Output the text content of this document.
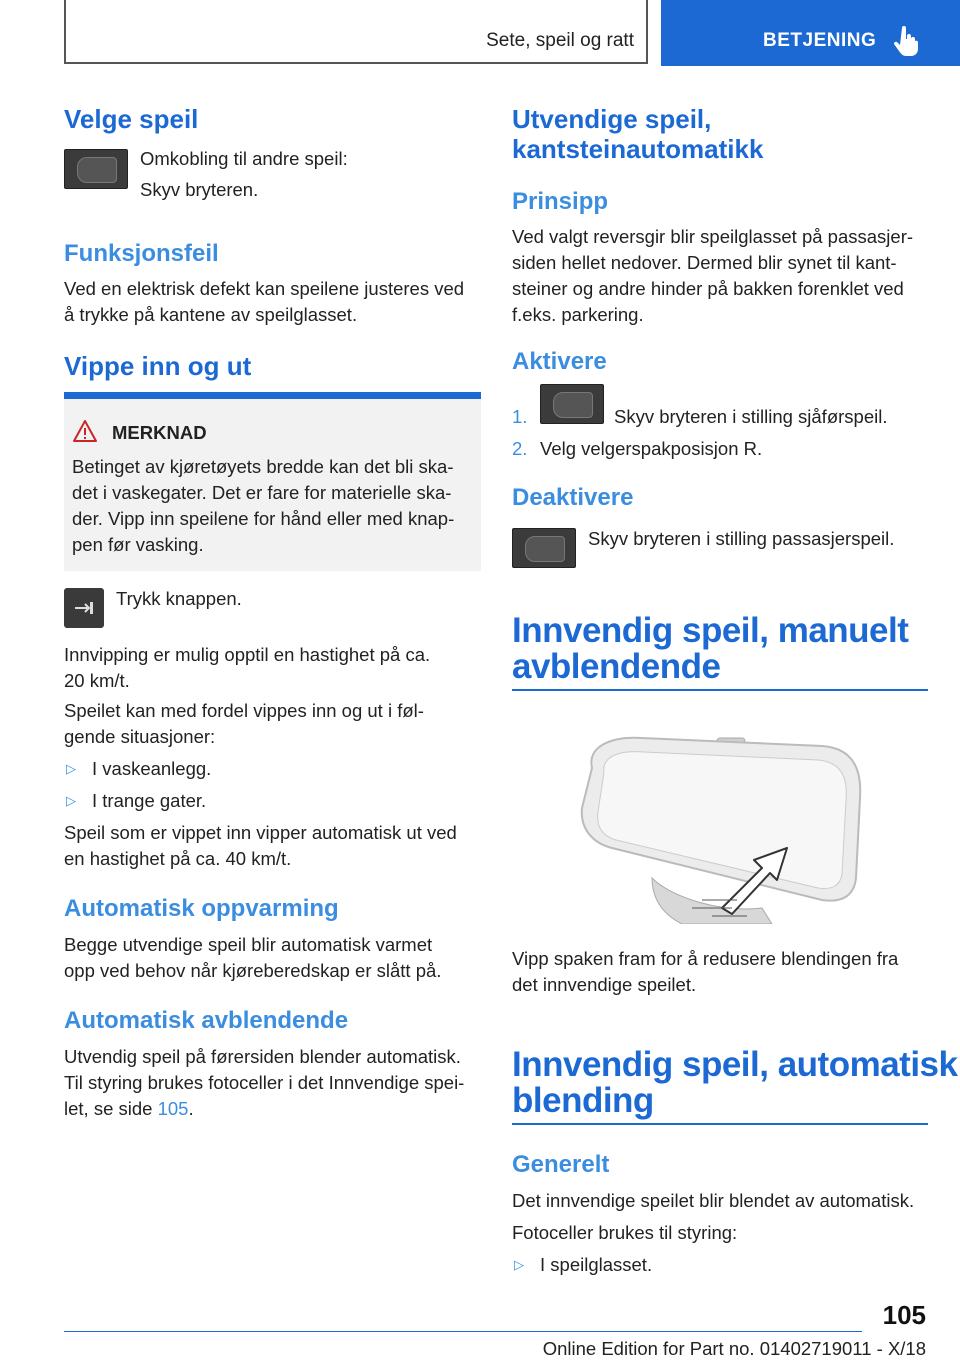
Sete, speil og ratt	BETJENING
Velge speil
Omkobling til andre speil:
Skyv bryteren.
Funksjonsfeil
Ved en elektrisk defekt kan speilene justeres ved
å trykke på kantene av speilglasset.
Vippe inn og ut
MERKNAD
Betinget av kjøretøyets bredde kan det bli ska-
det i vaskegater. Det er fare for materielle ska-
der. Vipp inn speilene for hånd eller med knap-
pen før vasking.
Trykk knappen.
Innvipping er mulig opptil en hastighet på ca.
20 km/t.
Speilet kan med fordel vippes inn og ut i føl-
gende situasjoner:
▷ I vaskeanlegg.
▷ I trange gater.
Speil som er vippet inn vipper automatisk ut ved
en hastighet på ca. 40 km/t.
Automatisk oppvarming
Begge utvendige speil blir automatisk varmet
opp ved behov når kjøreberedskap er slått på.
Automatisk avblendende
Utvendig speil på førersiden blender automatisk.
Til styring brukes fotoceller i det Innvendige spei-
let, se side 105.
Utvendige speil,
kantsteinautomatikk
Prinsipp
Ved valgt reversgir blir speilglasset på passasjer-
siden hellet nedover. Dermed blir synet til kant-
steiner og andre hinder på bakken forenklet ved
f.eks. parkering.
Aktivere
1.	Skyv bryteren i stilling sjåførspeil.
2. Velg velgerspakposisjon R.
Deaktivere
Skyv bryteren i stilling passasjerspeil.
Innvendig speil, manuelt
avblendende
Vipp spaken fram for å redusere blendingen fra
det innvendige speilet.
Innvendig speil, automatisk
blending
Generelt
Det innvendige speilet blir blendet av automatisk.
Fotoceller brukes til styring:
▷ I speilglasset.
105
Online Edition for Part no. 01402719011 - X/18
